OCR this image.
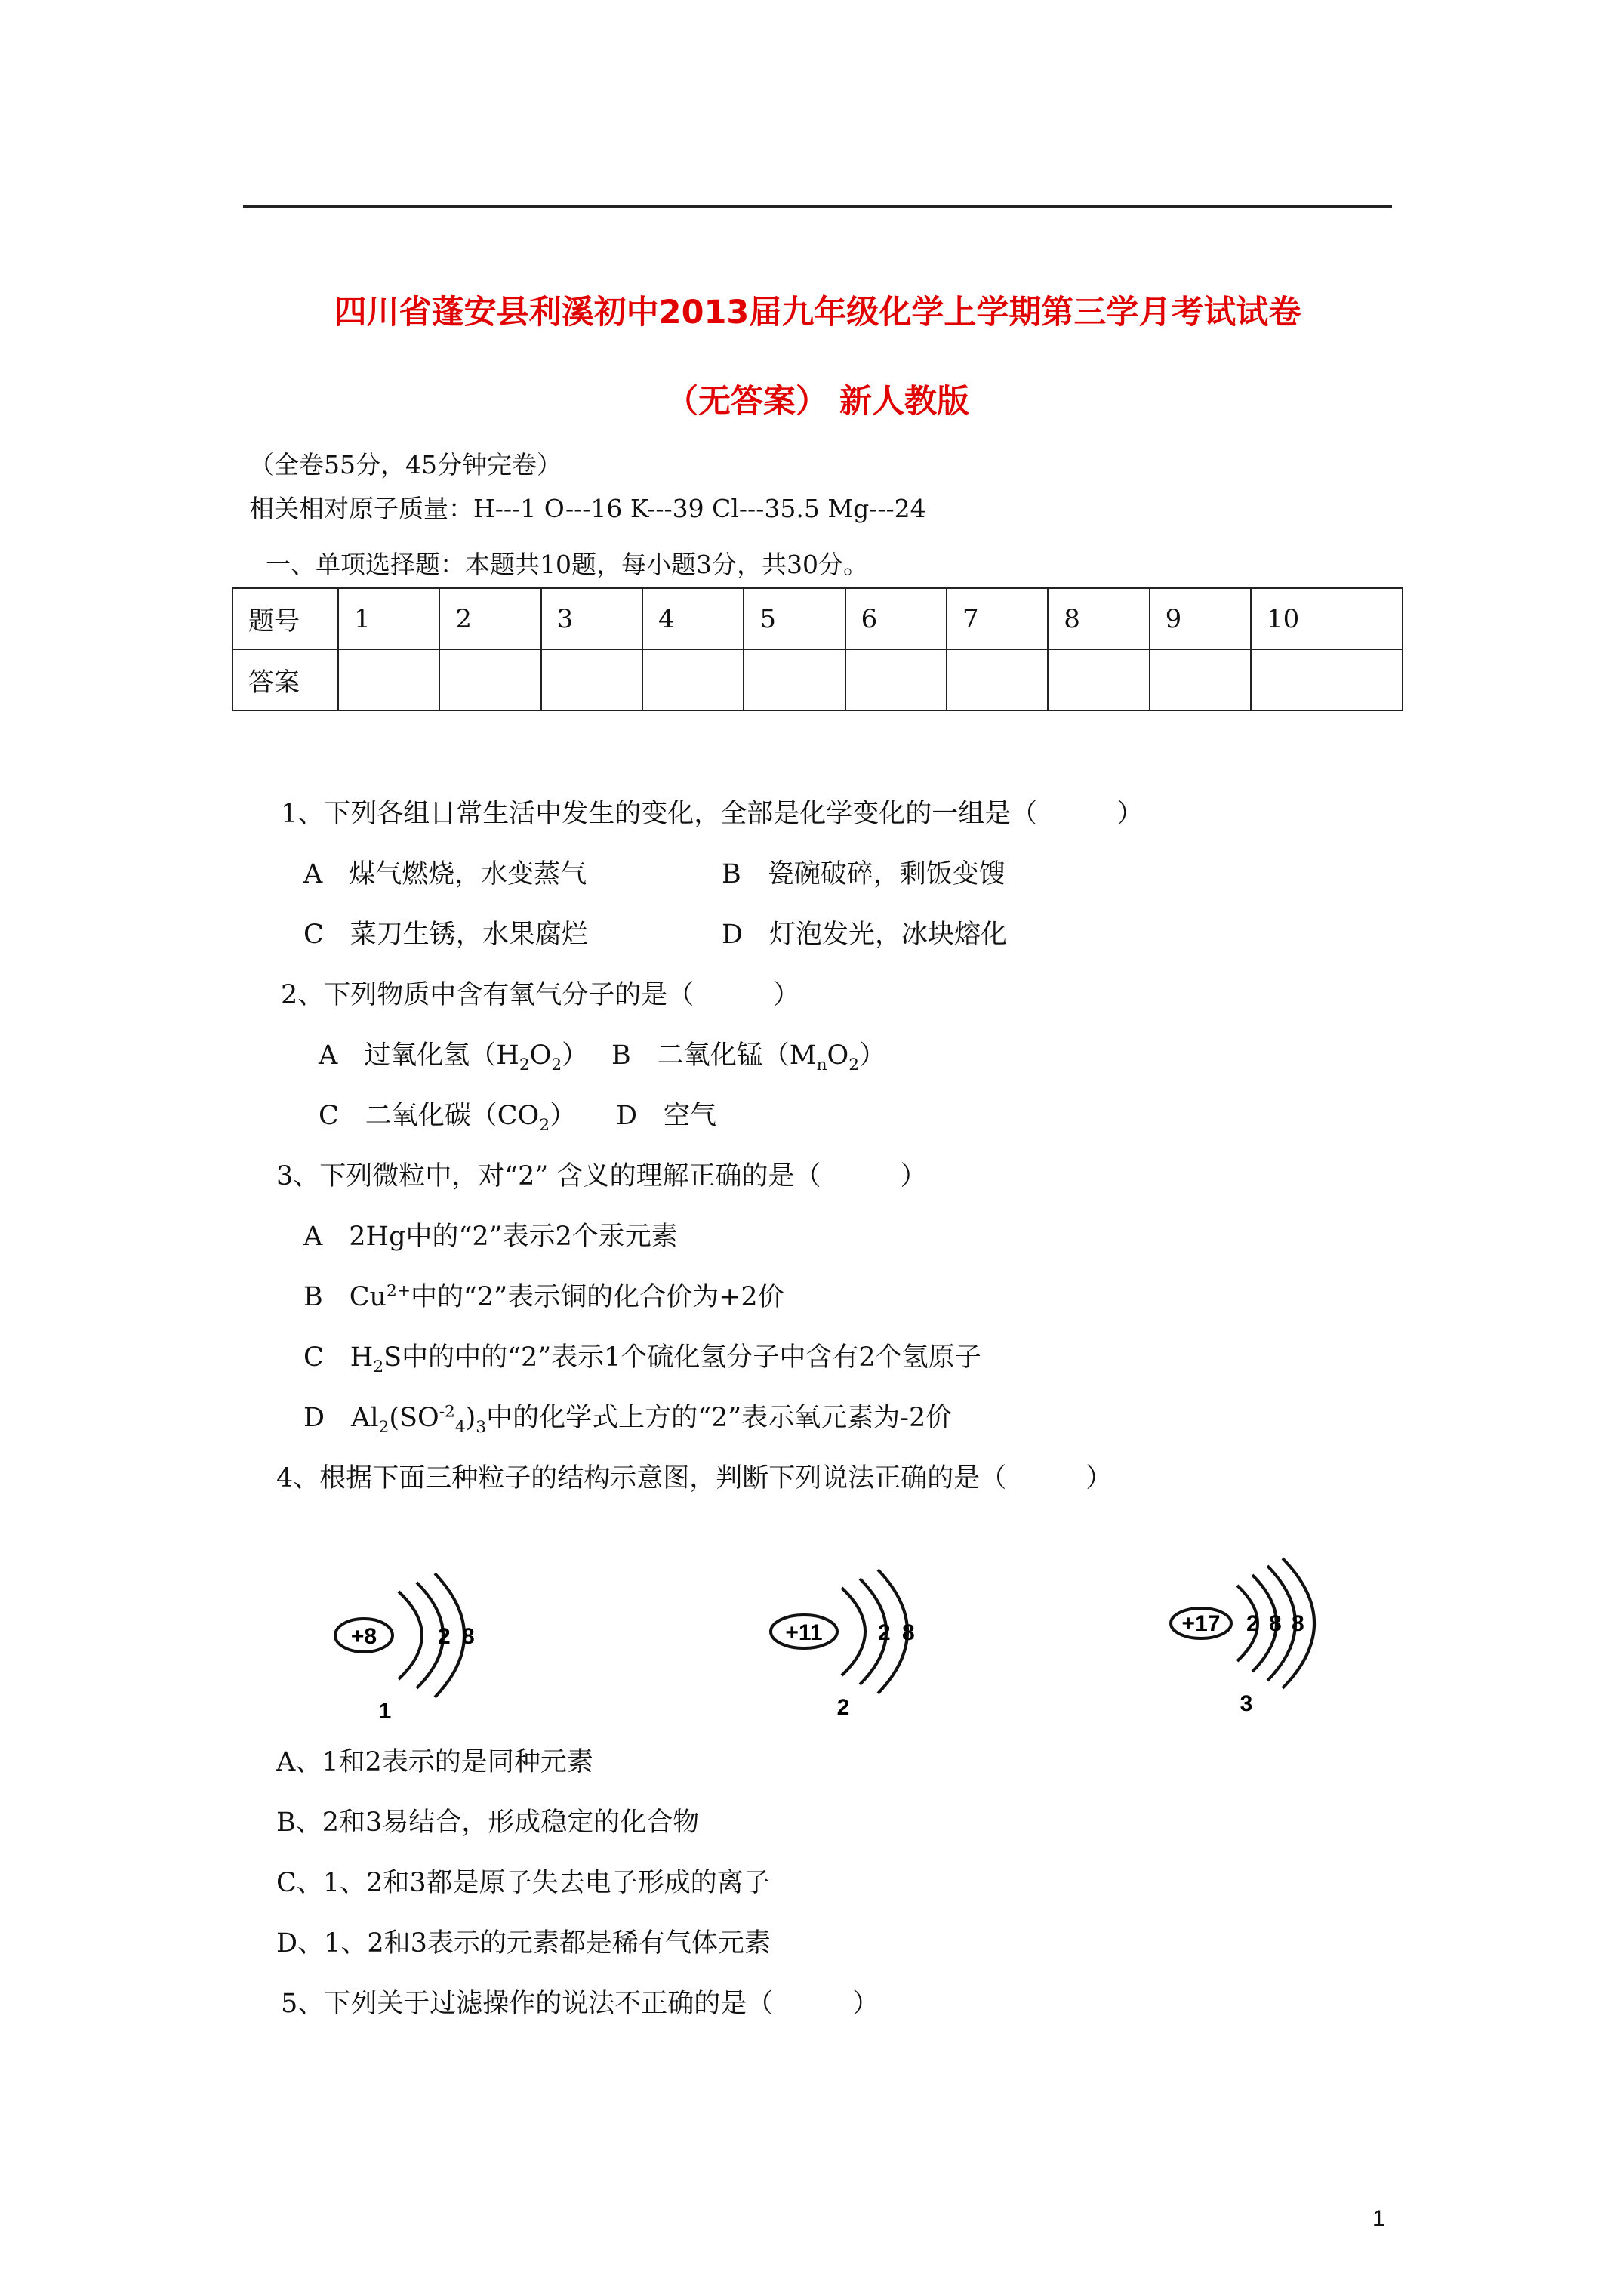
四川省蓬安县利溪初中2013届九年级化学上学期第三学月考试试卷
（无答案） 新人教版
（全卷55分，45分钟完卷）
相关相对原子质量：H---1 O---16 K---39 Cl---35.5 Mg---24
一、单项选择题：本题共10题，每小题3分，共30分。
题号	1	2	3	4	5	6	7	8	9	10
答案										
1、下列各组日常生活中发生的变化，全部是化学变化的一组是（　　　）
A　煤气燃烧，水变蒸气	B　瓷碗破碎，剩饭变馊
C　菜刀生锈，水果腐烂	D　灯泡发光，冰块熔化
2、下列物质中含有氧气分子的是（　　　）
A　过氧化氢$(H_2O_2)$ B　二氧化锰$(M_nO_2)$
C　二氧化碳$(CO_2)$ D　空气
3、下列微粒中，对“2” 含义的理解正确的是（　　　）
A　2Hg中的“2”表示2个汞元素
B　$Cu^{2+}$中的“2”表示铜的化合价为+2价
C　$H_2S$中的中的“2”表示1个硫化氢分子中含有2个氢原子
D　$Al_2(SO^{-2}_4)_3$中的化学式上方的“2”表示氧元素为-2价
4、根据下面三种粒子的结构示意图，判断下列说法正确的是（　　　）
+8	2 8
1
+11 2 8
2
+17 2 8 8
3
A、1和2表示的是同种元素
B、2和3易结合，形成稳定的化合物
C、1、2和3都是原子失去电子形成的离子
D、1、2和3表示的元素都是稀有气体元素
5、下列关于过滤操作的说法不正确的是（　　　）
1
